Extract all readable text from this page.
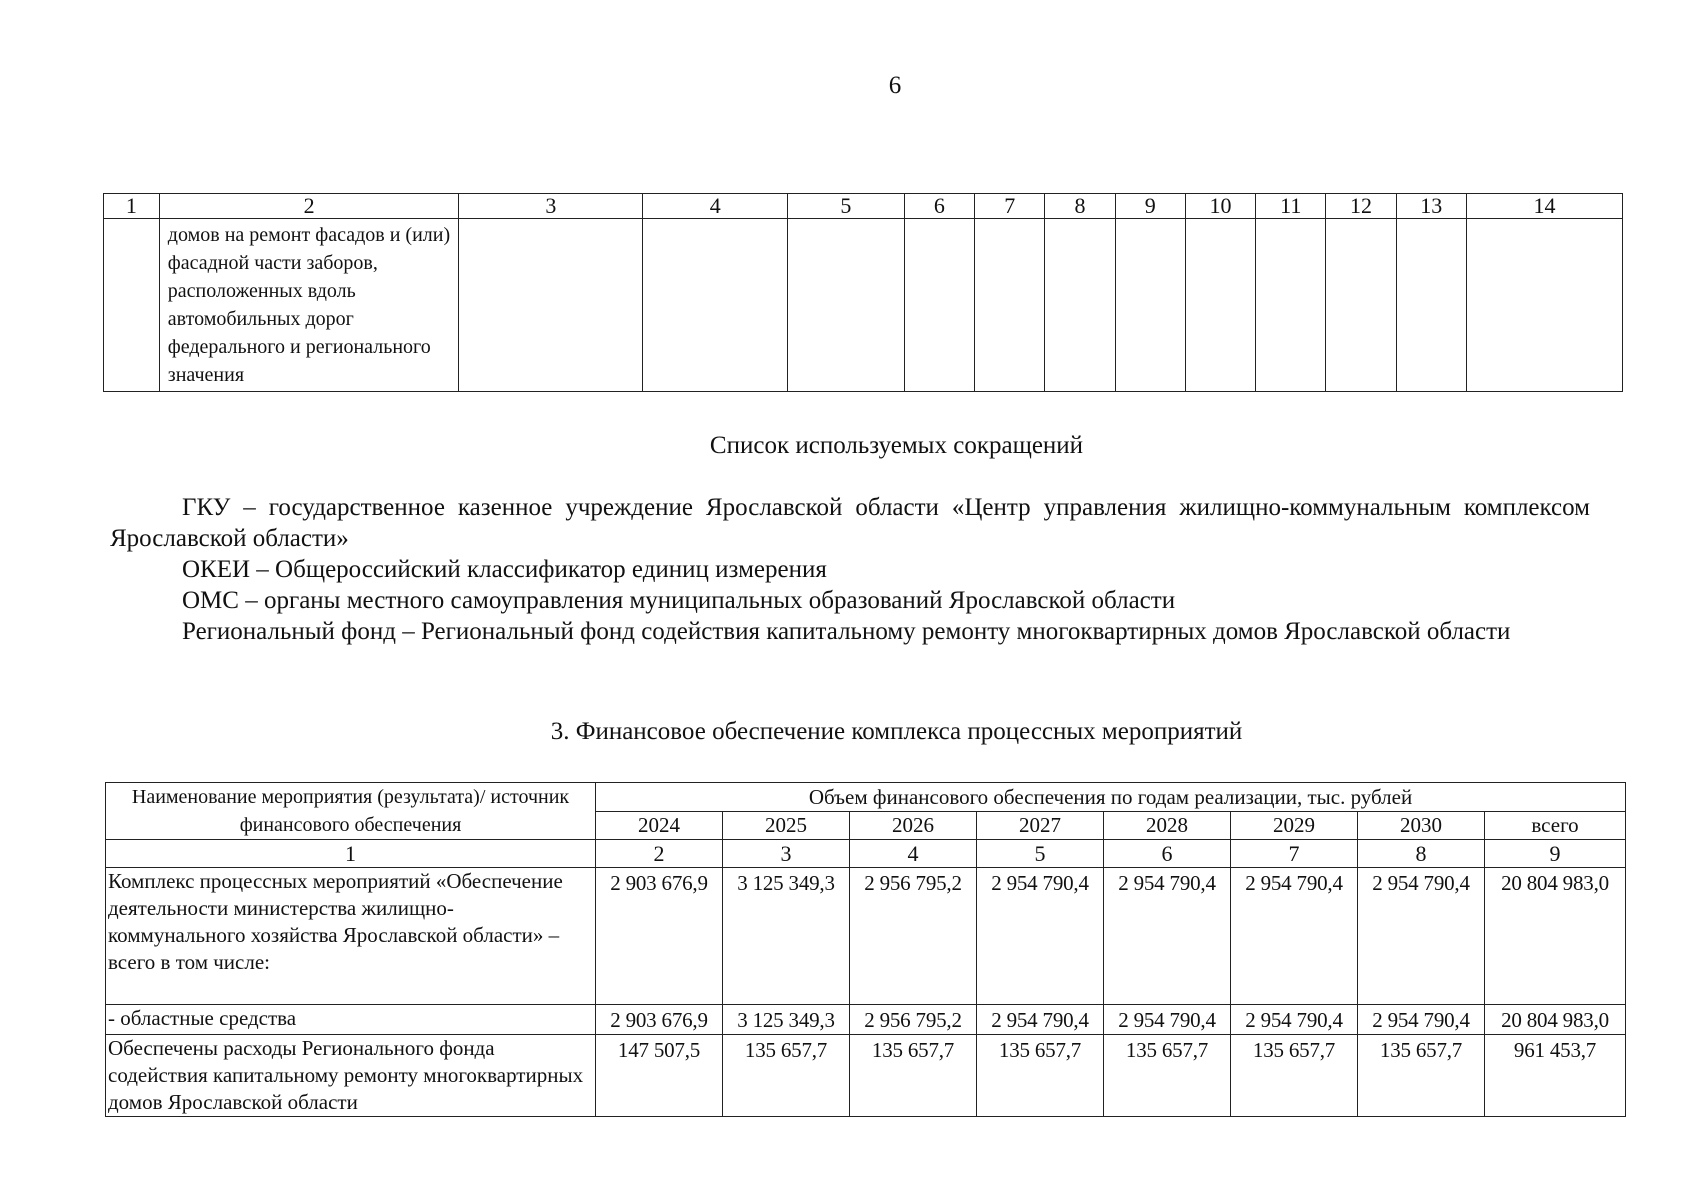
6
1	2	3	4	5	6	7	8	9	10	11	12	13	14
	домов на ремонт фасадов и (или) фасадной части заборов, расположенных вдоль автомобильных дорог федерального и регионального значения												
Список используемых сокращений

ГКУ – государственное казенное учреждение Ярославской области «Центр управления жилищно-коммунальным комплексом Ярославской области»

ОКЕИ – Общероссийский классификатор единиц измерения

ОМС – органы местного самоуправления муниципальных образований Ярославской области

Региональный фонд – Региональный фонд содействия капитальному ремонту многоквартирных домов Ярославской области

3. Финансовое обеспечение комплекса процессных мероприятий
Наименование мероприятия (результата)/ источник финансового обеспечения	Объем финансового обеспечения по годам реализации, тыс. рублей							
	2024	2025	2026	2027	2028	2029	2030	всего
1	2	3	4	5	6	7	8	9
Комплекс процессных мероприятий «Обеспечение деятельности министерства жилищно-коммунального хозяйства Ярославской области» – всего в том числе:	2 903 676,9	3 125 349,3	2 956 795,2	2 954 790,4	2 954 790,4	2 954 790,4	2 954 790,4	20 804 983,0
- областные средства	2 903 676,9	3 125 349,3	2 956 795,2	2 954 790,4	2 954 790,4	2 954 790,4	2 954 790,4	20 804 983,0
Обеспечены расходы Регионального фонда содействия капитальному ремонту многоквартирных домов Ярославской области	147 507,5	135 657,7	135 657,7	135 657,7	135 657,7	135 657,7	135 657,7	961 453,7
